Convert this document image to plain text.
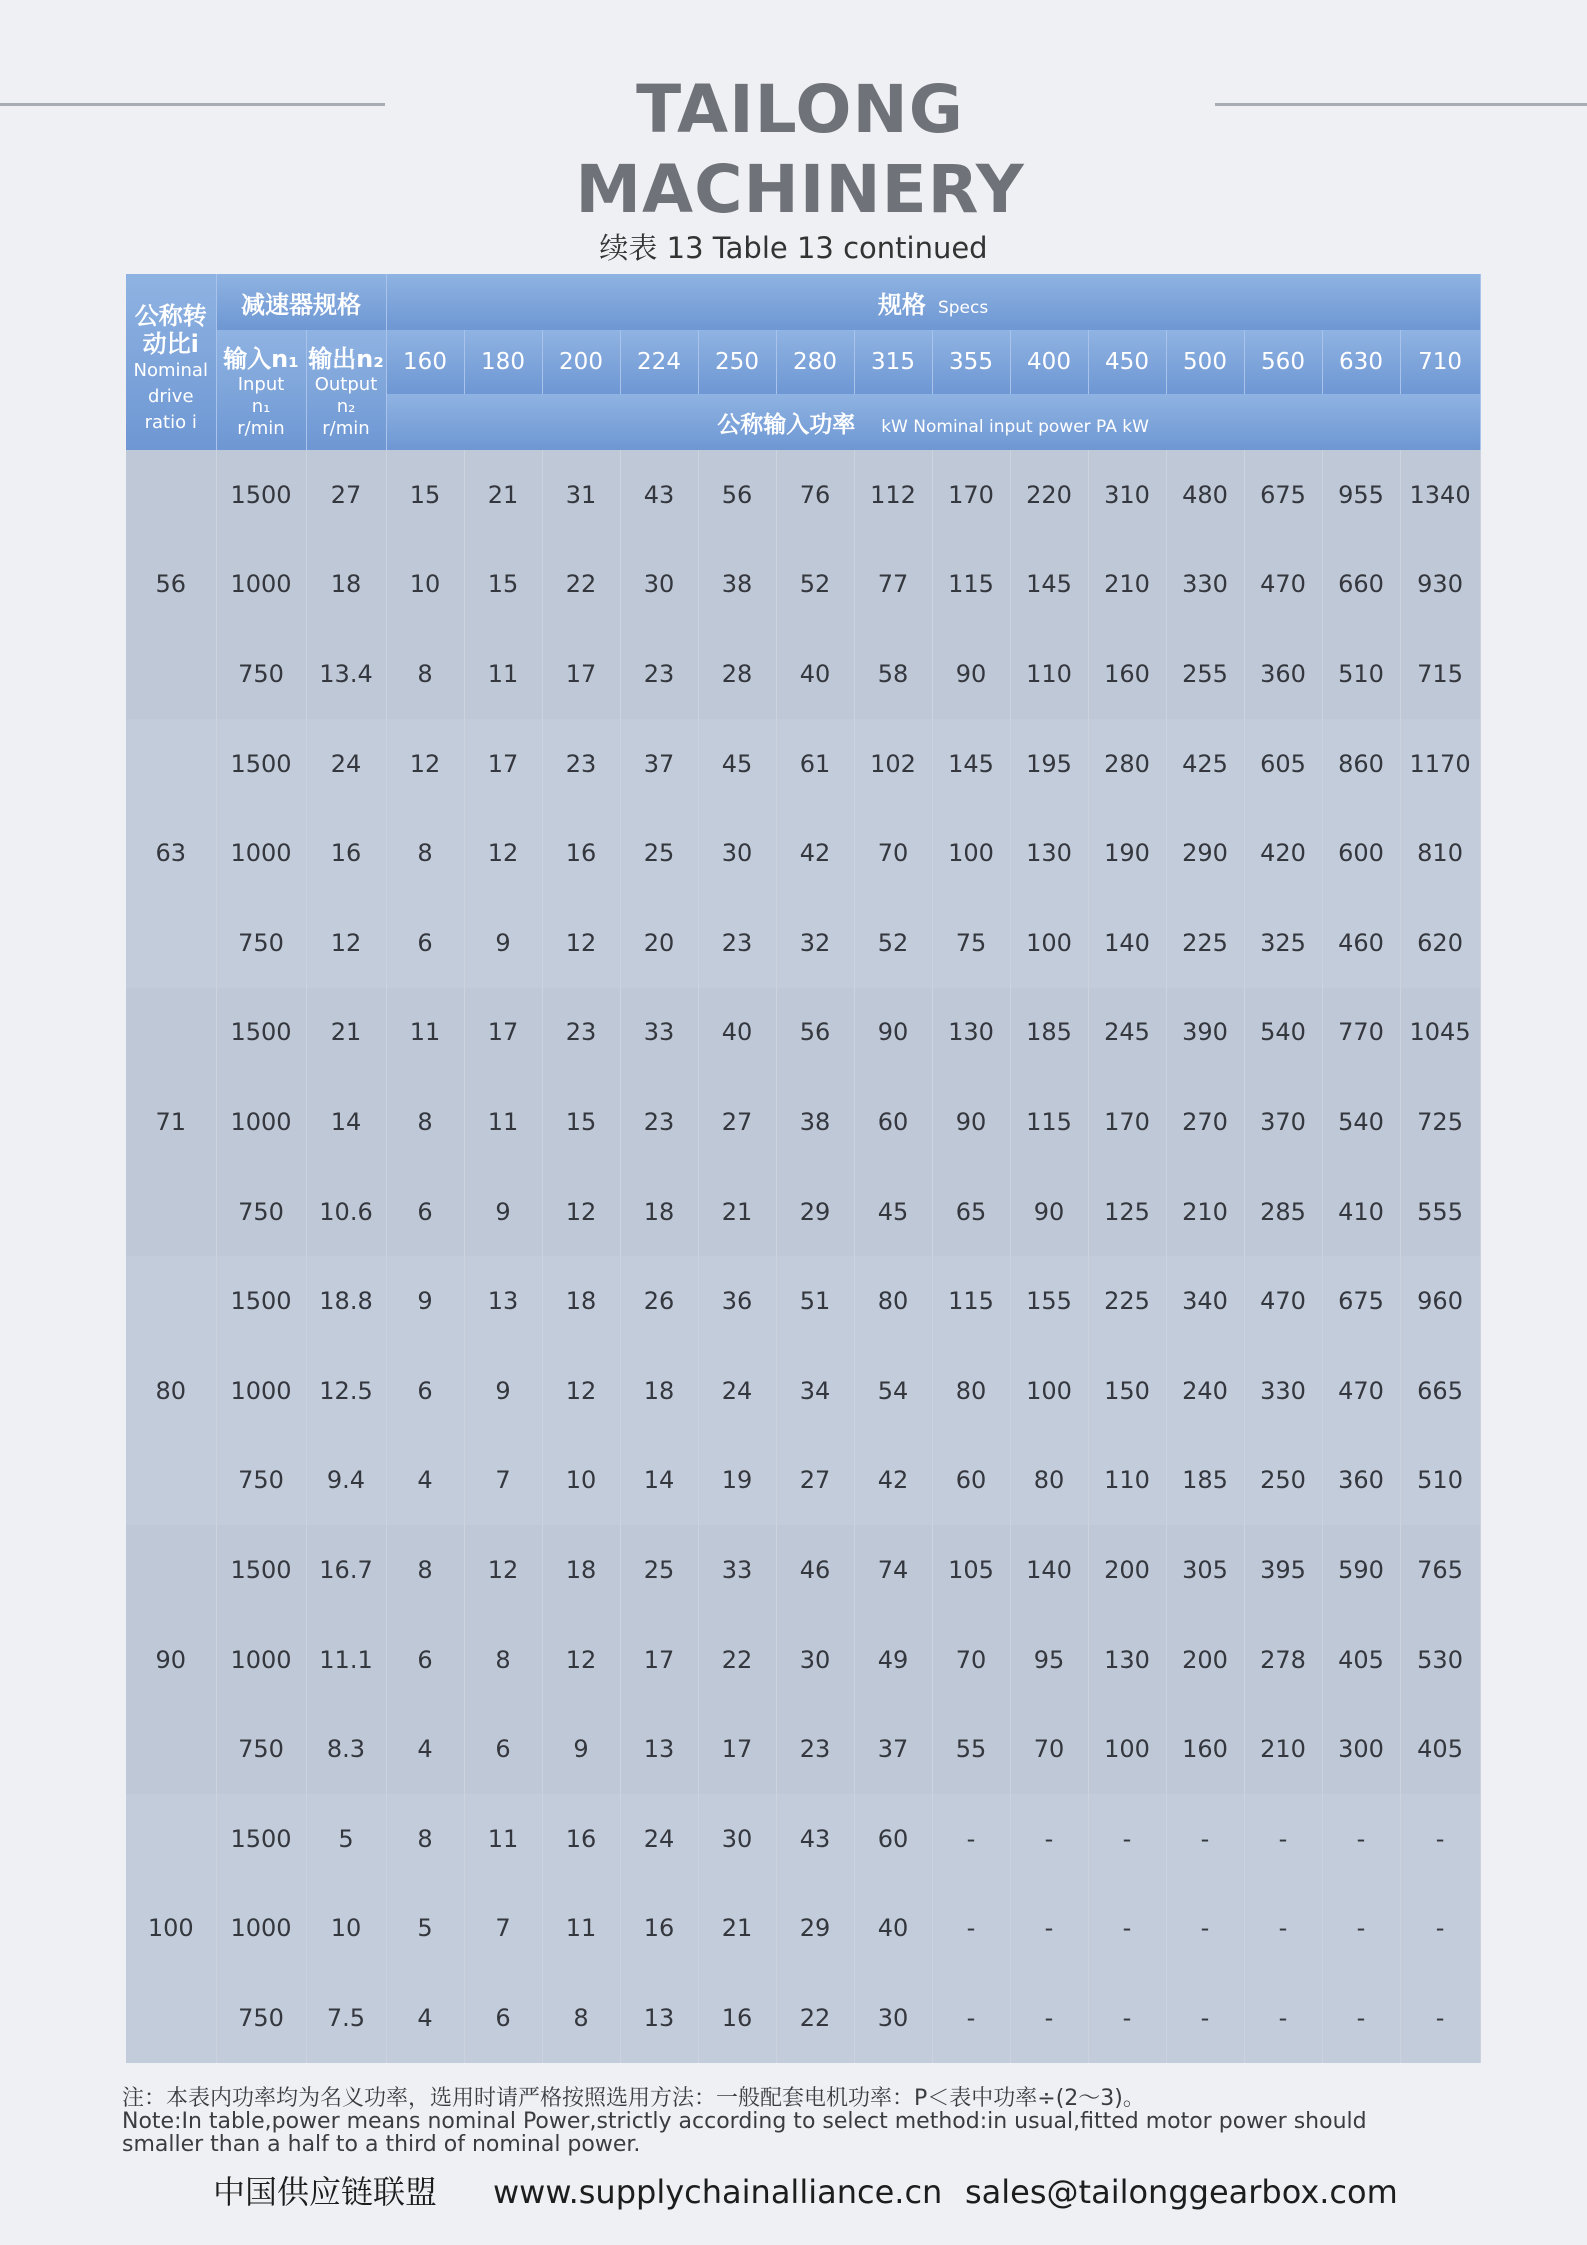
TAILONG MACHINERY
续表 13 Table 13 continued
公称转动比i
Nominal
drive
ratio i	减速器规格		规格 Specs													

	输入n₁
Input
n₁
r/min	输出n₂
Output
n₂
r/min	160	180	200	224	250	280	315	355	400	450	500	560	630	710
			公称输入功率 kW Nominal input power PA kW													
56	1500	27	15	21	31	43	56	76	112	170	220	310	480	675	955	1340
	1000	18	10	15	22	30	38	52	77	115	145	210	330	470	660	930
	750	13.4	8	11	17	23	28	40	58	90	110	160	255	360	510	715
63	1500	24	12	17	23	37	45	61	102	145	195	280	425	605	860	1170
	1000	16	8	12	16	25	30	42	70	100	130	190	290	420	600	810
	750	12	6	9	12	20	23	32	52	75	100	140	225	325	460	620
71	1500	21	11	17	23	33	40	56	90	130	185	245	390	540	770	1045
	1000	14	8	11	15	23	27	38	60	90	115	170	270	370	540	725
	750	10.6	6	9	12	18	21	29	45	65	90	125	210	285	410	555
80	1500	18.8	9	13	18	26	36	51	80	115	155	225	340	470	675	960
	1000	12.5	6	9	12	18	24	34	54	80	100	150	240	330	470	665
	750	9.4	4	7	10	14	19	27	42	60	80	110	185	250	360	510
90	1500	16.7	8	12	18	25	33	46	74	105	140	200	305	395	590	765
	1000	11.1	6	8	12	17	22	30	49	70	95	130	200	278	405	530
	750	8.3	4	6	9	13	17	23	37	55	70	100	160	210	300	405
100	1500	5	8	11	16	24	30	43	60	-	-	-	-	-	-	-
	1000	10	5	7	11	16	21	29	40	-	-	-	-	-	-	-
	750	7.5	4	6	8	13	16	22	30	-	-	-	-	-	-	-
注：本表内功率均为名义功率，选用时请严格按照选用方法：一般配套电机功率：P＜表中功率÷(2～3)。
Note:In table,power means nominal Power,strictly according to select method:in usual,fitted motor power should
smaller than a half to a third of nominal power.
中国供应链联盟 www.supplychainalliance.cn sales@tailonggearbox.com
